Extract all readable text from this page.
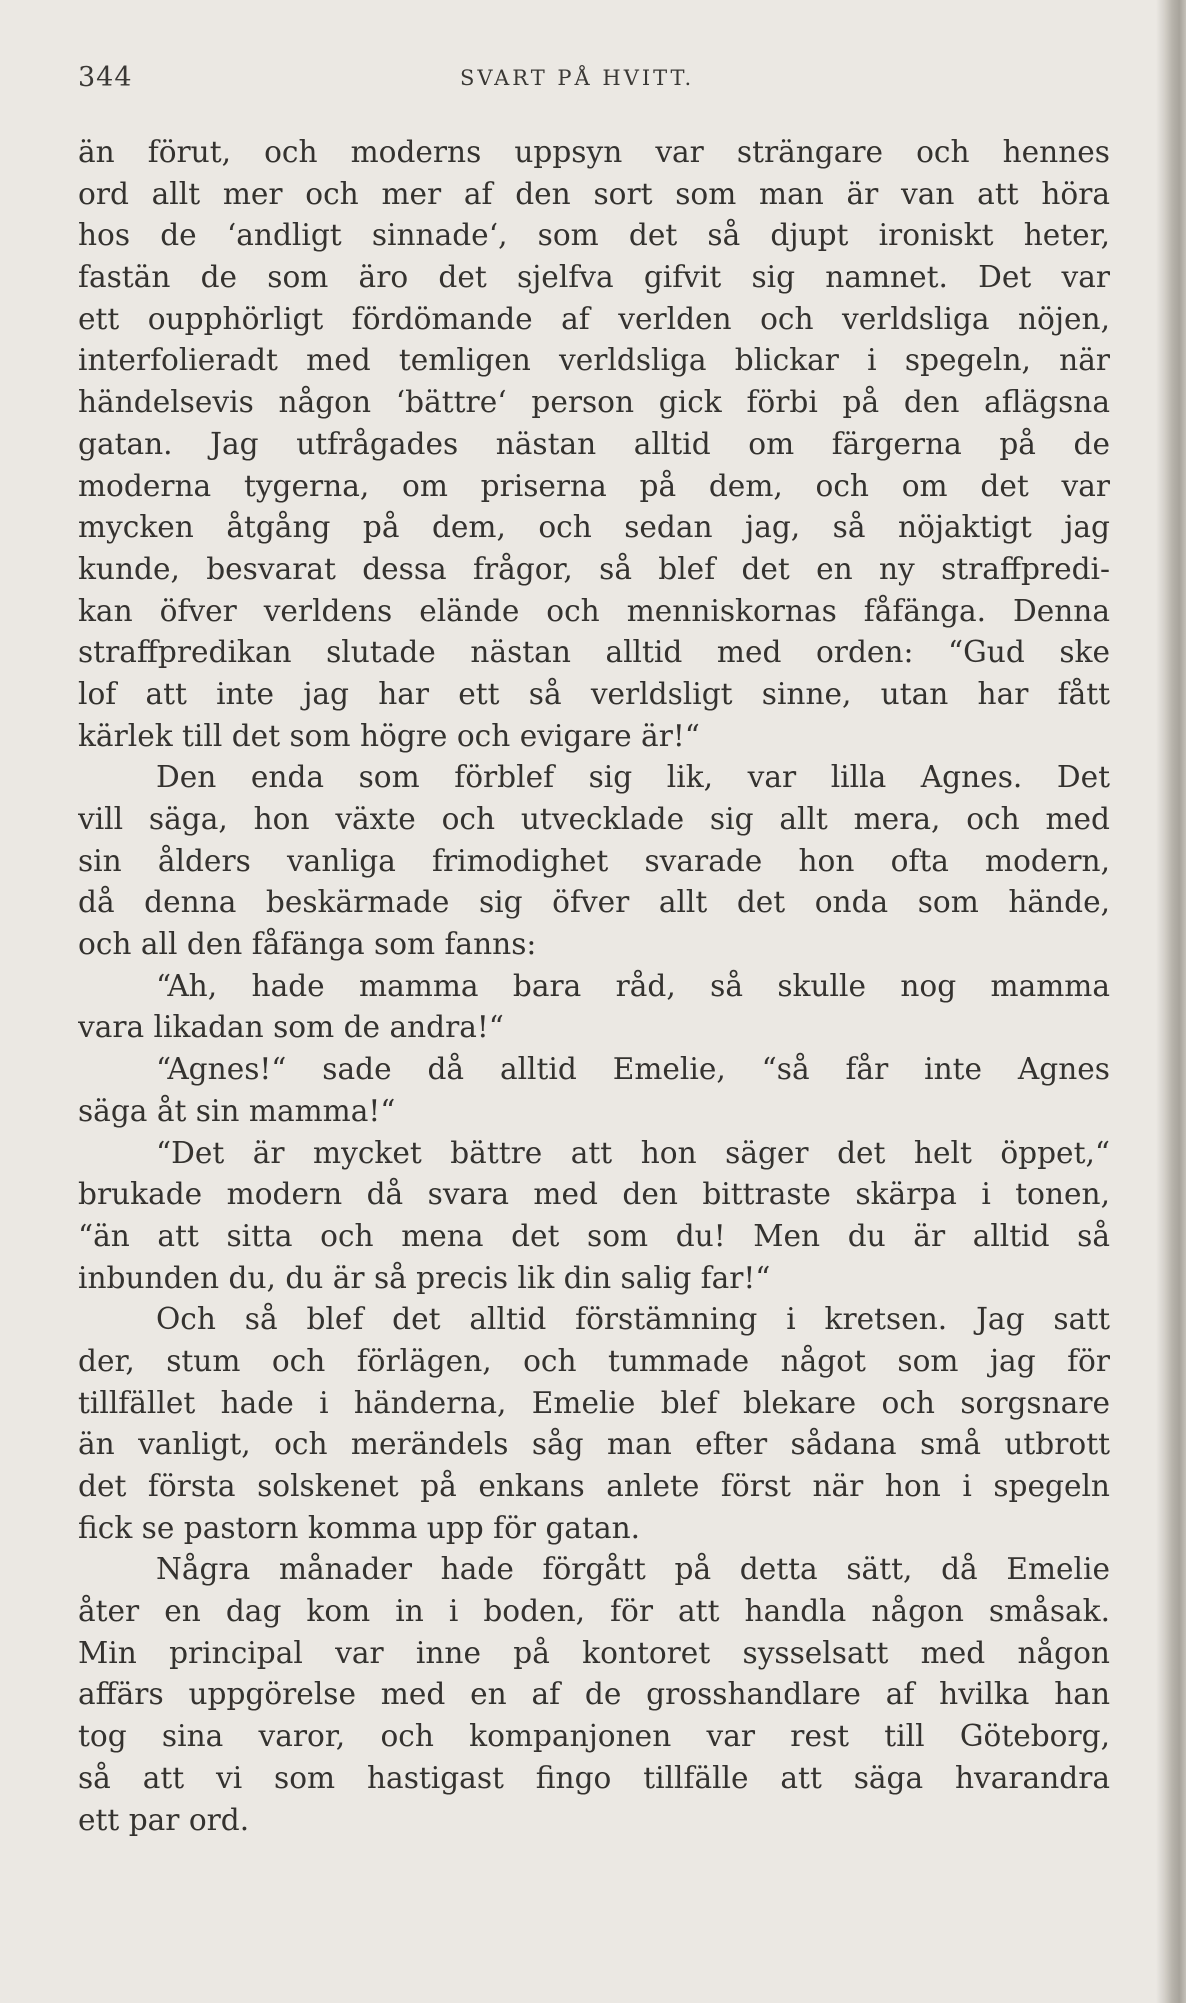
344	SVART PÅ HVITT.
än förut, och moderns uppsyn var strängare och hennes
ord allt mer och mer af den sort som man är van att höra
hos de ‘andligt sinnade‘, som det så djupt ironiskt heter,
fastän de som äro det sjelfva gifvit sig namnet. Det var
ett oupphörligt fördömande af verlden och verldsliga nöjen,
interfolieradt med temligen verldsliga blickar i spegeln, när
händelsevis någon ‘bättre‘ person gick förbi på den aflägsna
gatan. Jag utfrågades nästan alltid om färgerna på de
moderna tygerna, om priserna på dem, och om det var
mycken åtgång på dem, och sedan jag, så nöjaktigt jag
kunde, besvarat dessa frågor, så blef det en ny straffpredi-
kan öfver verldens elände och menniskornas fåfänga. Denna
straffpredikan slutade nästan alltid med orden: “Gud ske
lof att inte jag har ett så verldsligt sinne, utan har fått
kärlek till det som högre och evigare är!“
Den enda som förblef sig lik, var lilla Agnes. Det
vill säga, hon växte och utvecklade sig allt mera, och med
sin ålders vanliga frimodighet svarade hon ofta modern,
då denna beskärmade sig öfver allt det onda som hände,
och all den fåfänga som fanns:
“Ah, hade mamma bara råd, så skulle nog mamma
vara likadan som de andra!“
“Agnes!“ sade då alltid Emelie, “så får inte Agnes
säga åt sin mamma!“
“Det är mycket bättre att hon säger det helt öppet,“
brukade modern då svara med den bittraste skärpa i tonen,
“än att sitta och mena det som du! Men du är alltid så
inbunden du, du är så precis lik din salig far!“
Och så blef det alltid förstämning i kretsen. Jag satt
der, stum och förlägen, och tummade något som jag för
tillfället hade i händerna, Emelie blef blekare och sorgsnare
än vanligt, och merändels såg man efter sådana små utbrott
det första solskenet på enkans anlete först när hon i spegeln
fick se pastorn komma upp för gatan.
Några månader hade förgått på detta sätt, då Emelie
åter en dag kom in i boden, för att handla någon småsak.
Min principal var inne på kontoret sysselsatt med någon
affärs uppgörelse med en af de grosshandlare af hvilka han
tog sina varor, och kompanjonen var rest till Göteborg,
så att vi som hastigast fingo tillfälle att säga hvarandra
ett par ord.
